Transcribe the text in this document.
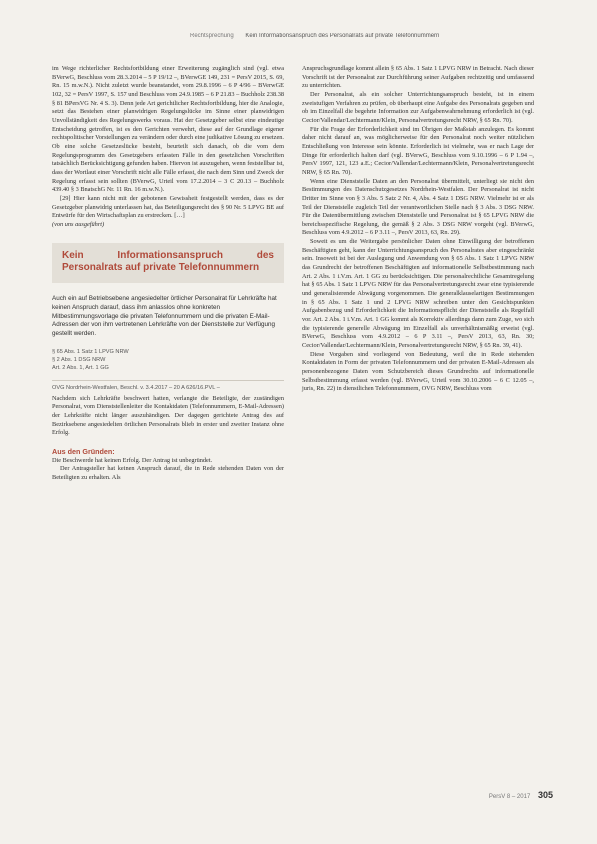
Rechtsprechung Kein Informationsanspruch des Personalrats auf private Telefonnummern

im Wege richterlicher Rechtsfortbildung einer Erweiterung zugänglich sind (vgl. etwa BVerwG, Beschluss vom 28.3.2014 – 5 P 19/12 –, BVerwGE 149, 231 = PersV 2015, S. 69, Rn. 15 m.w.N.). Nicht zuletzt wurde beanstandet, vom 29.8.1996 – 6 P 4/96 – BVerwGE 102, 32 = PersV 1997, S. 157 und Beschluss vom 24.9.1985 – 6 P 21.83 – Buchholz 238.38 § 81 BPersVG Nr. 4 S. 3). Denn jede Art gerichtlicher Rechtsfortbildung, hier die Analogie, setzt das Bestehen einer planwidrigen Regelungslücke im Sinne einer planwidrigen Unvollständigkeit des Regelungswerks voraus. Hat der Gesetzgeber selbst eine eindeutige Entscheidung getroffen, ist es den Gerichten verwehrt, diese auf der Grundlage eigener rechtspolitischer Vorstellungen zu verändern oder durch eine judikative Lösung zu ersetzen. Ob eine solche Gesetzeslücke besteht, beurteilt sich danach, ob die vom dem Regelungsprogramm des Gesetzgebers erfassten Fälle in den gesetzlichen Vorschriften tatsächlich Berücksichtigung gefunden haben. Hiervon ist auszugehen, wenn feststellbar ist, dass der Wortlaut einer Vorschrift nicht alle Fälle erfasst, die nach dem Sinn und Zweck der Regelung erfasst sein sollten (BVerwG, Urteil vom 17.2.2014 – 3 C 20.13 – Buchholz 439.40 § 3 BnatschG Nr. 11 Rn. 16 m.w.N.).

[29] Hier kann nicht mit der gebotenen Gewissheit festgestellt werden, dass es der Gesetzgeber planwidrig unterlassen hat, das Beteiligungsrecht des § 90 Nr. 5 LPVG BE auf Entwürfe für den Wirtschaftsplan zu erstrecken. […]

(von uns ausgeführt)

Kein Informationsanspruch des Personalrats auf private Telefonnummern
Auch ein auf Betriebsebene angesiedelter örtlicher Personalrat für Lehrkräfte hat keinen Anspruch darauf, dass ihm anlasslos ohne konkreten Mitbestimmungsvorlage die privaten Telefonnummern und die privaten E-Mail-Adressen der von ihm vertretenen Lehrkräfte von der Dienststelle zur Verfügung gestellt werden.
§ 65 Abs. 1 Satz 1 LPVG NRW
§ 2 Abs. 1 DSG NRW
Art. 2 Abs. 1, Art. 1 GG
OVG Nordrhein-Westfalen, Beschl. v. 3.4.2017 – 20 A 626/16.PVL –

Nachdem sich Lehrkräfte beschwert hatten, verlangte die Beteiligte, der zuständigen Personalrat, vom Dienststellenleiter die Kontaktdaten (Telefonnummern, E-Mail-Adressen) der Lehrkräfte nicht länger auszuhändigen. Der dagegen gerichtete Antrag des auf Bezirksebene angesiedelten örtlichen Personalrats blieb in erster und zweiter Instanz ohne Erfolg.

Aus den Gründen:

Die Beschwerde hat keinen Erfolg. Der Antrag ist unbegründet.

Der Antragsteller hat keinen Anspruch darauf, die in Rede stehenden Daten von der Beteiligten zu erhalten. Als

Anspruchsgrundlage kommt allein § 65 Abs. 1 Satz 1 LPVG NRW in Betracht. Nach dieser Vorschrift ist der Personalrat zur Durchführung seiner Aufgaben rechtzeitig und umfassend zu unterrichten.

Der Personalrat, als ein solcher Unterrichtungsanspruch besteht, ist in einem zweistufigen Verfahren zu prüfen, ob überhaupt eine Aufgabe des Personalrats gegeben und ob im Einzelfall die begehrte Information zur Aufgabenwahrnehmung erforderlich ist (vgl. Cecior/Vallendar/Lechtermann/Klein, Personalvertretungsrecht NRW, § 65 Rn. 70).

Für die Frage der Erforderlichkeit sind im Übrigen der Maßstab anzulegen. Es kommt daher nicht darauf an, was möglicherweise für den Personalrat noch weiter nützlichen Entschließung von Interesse sein könnte. Erforderlich ist vielmehr, was er nach Lage der Dinge für erforderlich halten darf (vgl. BVerwG, Beschluss vom 9.10.1996 – 6 P 1.94 –, PersV 1997, 121, 123 a.E.; Cecior/Vallendar/Lechtermann/Klein, Personalvertretungsrecht NRW, § 65 Rn. 70).

Wenn eine Dienststelle Daten an den Personalrat übermittelt, unterliegt sie nicht den Bestimmungen des Datenschutzgesetzes Nordrhein-Westfalen. Der Personalrat ist nicht Dritter im Sinne von § 3 Abs. 5 Satz 2 Nr. 4, Abs. 4 Satz 1 DSG NRW. Vielmehr ist er als Teil der Dienststelle zugleich Teil der verantwortlichen Stelle nach § 3 Abs. 3 DSG NRW. Für die Datenübermittlung zwischen Dienststelle und Personalrat ist § 65 LPVG NRW die bereichsspezifische Regelung, die gemäß § 2 Abs. 3 DSG NRW vorgeht (vgl. BVerwG, Beschluss vom 4.9.2012 – 6 P 3.11 –, PersV 2013, 63, Rn. 29).

Soweit es um die Weitergabe persönlicher Daten ohne Einwilligung der betroffenen Beschäftigten geht, kann der Unterrichtungsanspruch des Personalrates aber eingeschränkt sein. Insoweit ist bei der Auslegung und Anwendung von § 65 Abs. 1 Satz 1 LPVG NRW das Grundrecht der betroffenen Beschäftigten auf informationelle Selbstbestimmung nach Art. 2 Abs. 1 i.V.m. Art. 1 GG zu berücksichtigen. Die personalrechtliche Gesamtregelung hat § 65 Abs. 1 Satz 1 LPVG NRW für das Personalvertretungsrecht zwar eine typisierende und generalisierende Abwägung vorgenommen. Die generalklauselartigen Bestimmungen in § 65 Abs. 1 Satz 1 und 2 LPVG NRW schreiben unter den Gesichtspunkten Aufgabenbezug und Erforderlichkeit die Informationspflicht der Dienststelle als Regelfall vor. Art. 2 Abs. 1 i.V.m. Art. 1 GG kommt als Korrektiv allerdings dann zum Zuge, wo sich die typisierende generelle Abwägung im Einzelfall als unverhältnismäßig erweist (vgl. BVerwG, Beschluss vom 4.9.2012 – 6 P 3.11 –, PersV 2013, 63, Rn. 30; Cecior/Vallendar/Lechtermann/Klein, Personalvertretungsrecht NRW, § 65 Rn. 39, 41).

Diese Vorgaben sind vorliegend von Bedeutung, weil die in Rede stehenden Kontaktdaten in Form der privaten Telefonnummern und der privaten E-Mail-Adressen als personenbezogene Daten vom Schutzbereich dieses Grundrechts auf informationelle Selbstbestimmung erfasst werden (vgl. BVerwG, Urteil vom 30.10.2006 – 6 C 12.05 –, juris, Rn. 22) in dienstlichen Telefonnummern, OVG NRW, Beschluss vom

PersV 8 – 2017 305
